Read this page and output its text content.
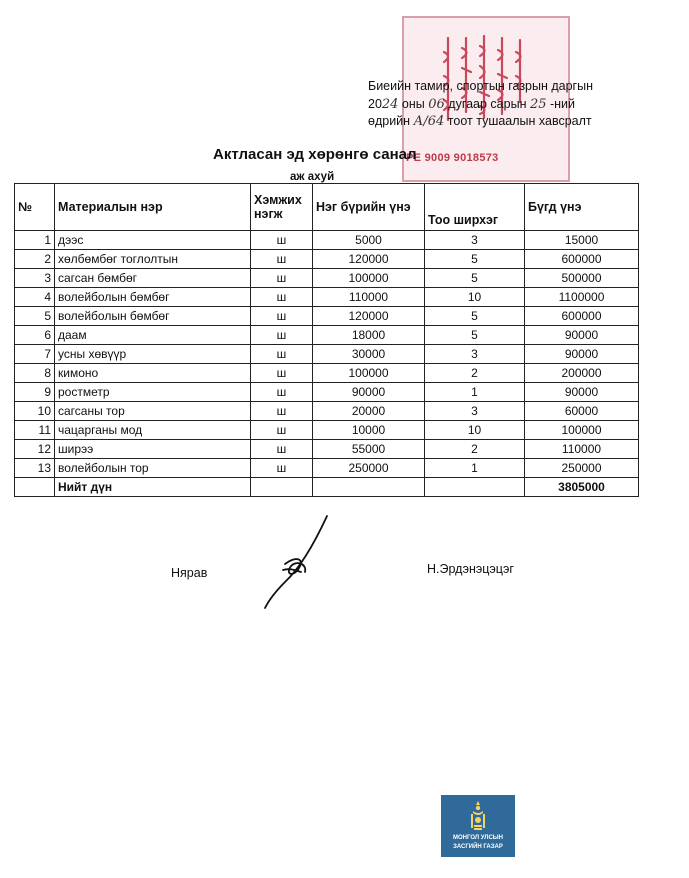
РЕ 9009 9018573
Биеийн тамир, спортын газрын даргын
2024 оны 06 дугаар сарын 25 -ний
өдрийн А/64 тоот тушаалын хавсралт
Актласан эд хөрөнгө санал
аж ахуй
№	Материалын нэр	Хэмжих нэгж	Нэг бүрийн үнэ	Тоо ширхэг	Бүгд үнэ
1	дээс	ш	5000	3	15000
2	хөлбөмбөг тоглолтын	ш	120000	5	600000
3	сагсан бөмбөг	ш	100000	5	500000
4	волейболын бөмбөг	ш	110000	10	1100000
5	волейболын бөмбөг	ш	120000	5	600000
6	даам	ш	18000	5	90000
7	усны хөвүүр	ш	30000	3	90000
8	кимоно	ш	100000	2	200000
9	ростметр	ш	90000	1	90000
10	сагсаны тор	ш	20000	3	60000
11	чацарганы мод	ш	10000	10	100000
12	ширээ	ш	55000	2	110000
13	волейболын тор	ш	250000	1	250000
	Нийт дүн				3805000
Нярав	Н.Эрдэнэцэцэг
МОНГОЛ УЛСЫН
ЗАСГИЙН ГАЗАР
